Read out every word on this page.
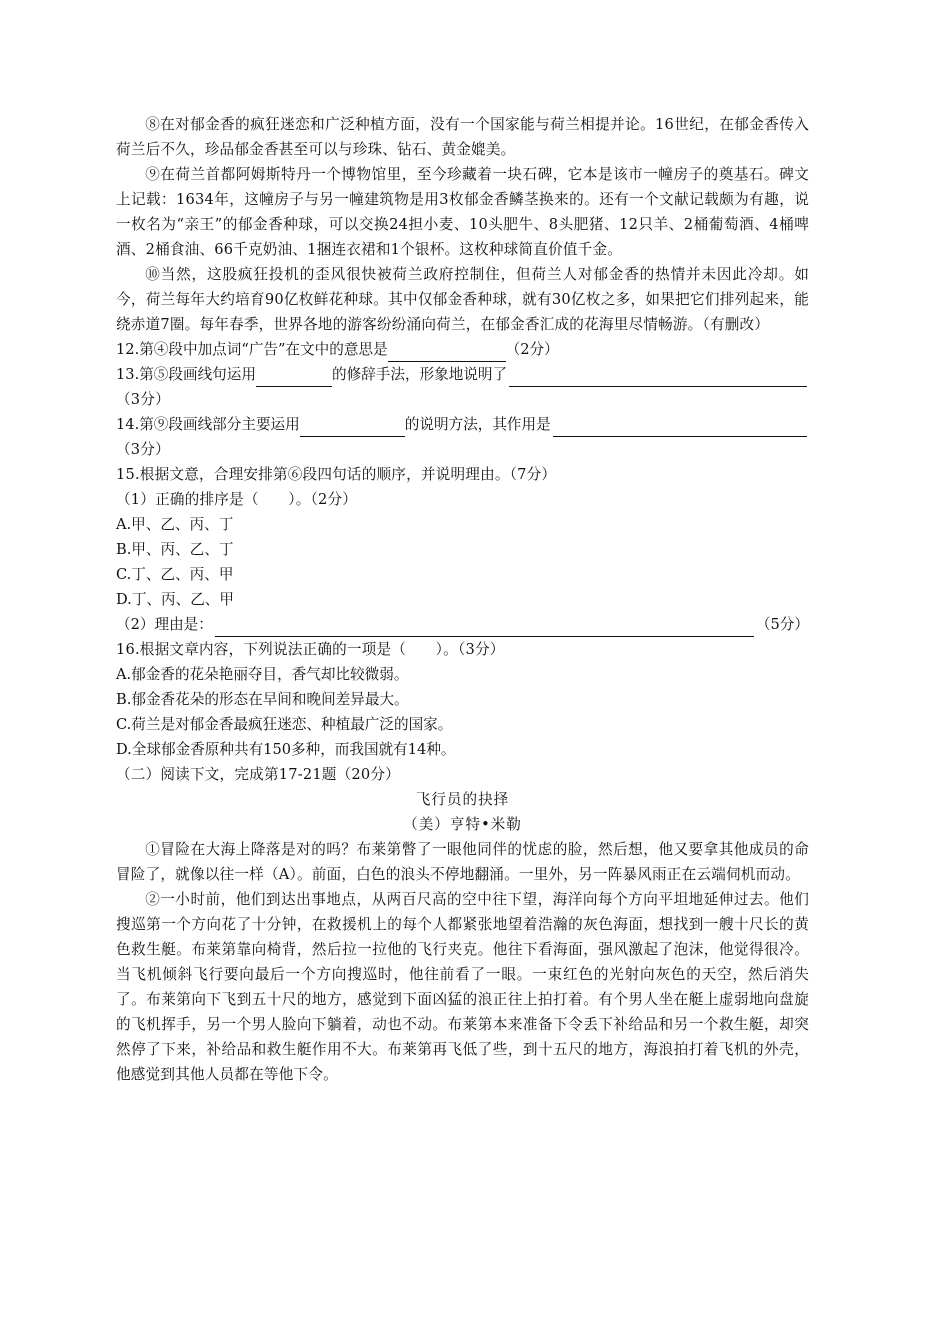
⑧在对郁金香的疯狂迷恋和广泛种植方面，没有一个国家能与荷兰相提并论。16世纪，在郁金香传入荷兰后不久，珍品郁金香甚至可以与珍珠、钻石、黄金媲美。

⑨在荷兰首都阿姆斯特丹一个博物馆里，至今珍藏着一块石碑，它本是该市一幢房子的奠基石。碑文上记载：1634年，这幢房子与另一幢建筑物是用3枚郁金香鳞茎换来的。还有一个文献记载颇为有趣，说一枚名为“亲王”的郁金香种球，可以交换24担小麦、10头肥牛、8头肥猪、12只羊、2桶葡萄酒、4桶啤酒、2桶食油、66千克奶油、1捆连衣裙和1个银杯。这枚种球简直价值千金。

⑩当然，这股疯狂投机的歪风很快被荷兰政府控制住，但荷兰人对郁金香的热情并未因此冷却。如今，荷兰每年大约培育90亿枚鲜花种球。其中仅郁金香种球，就有30亿枚之多，如果把它们排列起来，能绕赤道7圈。每年春季，世界各地的游客纷纷涌向荷兰，在郁金香汇成的花海里尽情畅游。（有删改）

12.第④段中加点词“广告”在文中的意思是	（2分）
13.第⑤段画线句运用	的修辞手法，形象地说明了

（3分）

14.第⑨段画线部分主要运用	的说明方法，其作用是

（3分）

15.根据文意，合理安排第⑥段四句话的顺序，并说明理由。（7分）

（1）正确的排序是（　　）。（2分）

A.甲、乙、丙、丁

B.甲、丙、乙、丁

C.丁、乙、丙、甲

D.丁、丙、乙、甲

（2）理由是：	（5分）

16.根据文章内容，下列说法正确的一项是（　　）。（3分）

A.郁金香的花朵艳丽夺目，香气却比较微弱。

B.郁金香花朵的形态在早间和晚间差异最大。

C.荷兰是对郁金香最疯狂迷恋、种植最广泛的国家。

D.全球郁金香原种共有150多种，而我国就有14种。

（二）阅读下文，完成第17-21题（20分）

飞行员的抉择

（美）亨特•米勒

①冒险在大海上降落是对的吗？布莱第瞥了一眼他同伴的忧虑的脸，然后想，他又要拿其他成员的命冒险了，就像以往一样（A）。前面，白色的浪头不停地翻涌。一里外，另一阵暴风雨正在云端伺机而动。

②一小时前，他们到达出事地点，从两百尺高的空中往下望，海洋向每个方向平坦地延伸过去。他们搜巡第一个方向花了十分钟，在救援机上的每个人都紧张地望着浩瀚的灰色海面，想找到一艘十尺长的黄色救生艇。布莱第靠向椅背，然后拉一拉他的飞行夹克。他往下看海面，强风激起了泡沫，他觉得很冷。当飞机倾斜飞行要向最后一个方向搜巡时，他往前看了一眼。一束红色的光射向灰色的天空，然后消失了。布莱第向下飞到五十尺的地方，感觉到下面凶猛的浪正往上拍打着。有个男人坐在艇上虚弱地向盘旋的飞机挥手，另一个男人脸向下躺着，动也不动。布莱第本来准备下令丢下补给品和另一个救生艇，却突然停了下来，补给品和救生艇作用不大。布莱第再飞低了些，到十五尺的地方，海浪拍打着飞机的外壳，他感觉到其他人员都在等他下令。
